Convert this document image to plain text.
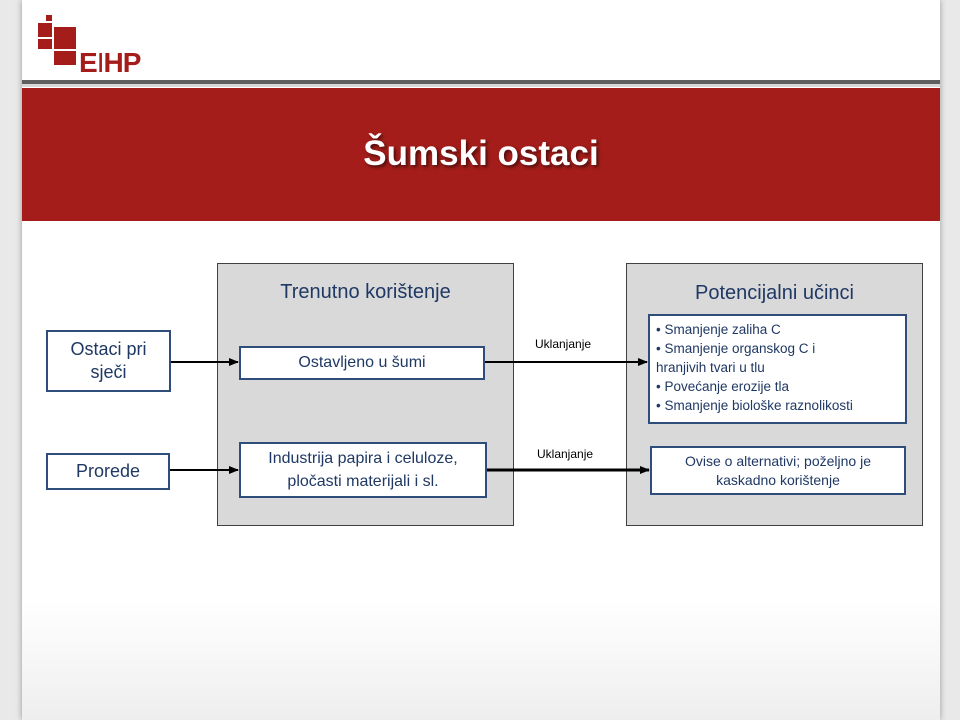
EIHP
Šumski ostaci
Trenutno korištenje	Potencijalni učinci
Ostaci pri
sječi
Prorede
Ostavljeno u šumi
Industrija papira i celuloze,
pločasti materijali i sl.
• Smanjenje zaliha C
• Smanjenje organskog C i
hranjivih tvari u tlu
• Povećanje erozije tla
• Smanjenje biološke raznolikosti
Ovise o alternativi; poželjno je
kaskadno korištenje
Uklanjanje
Uklanjanje
